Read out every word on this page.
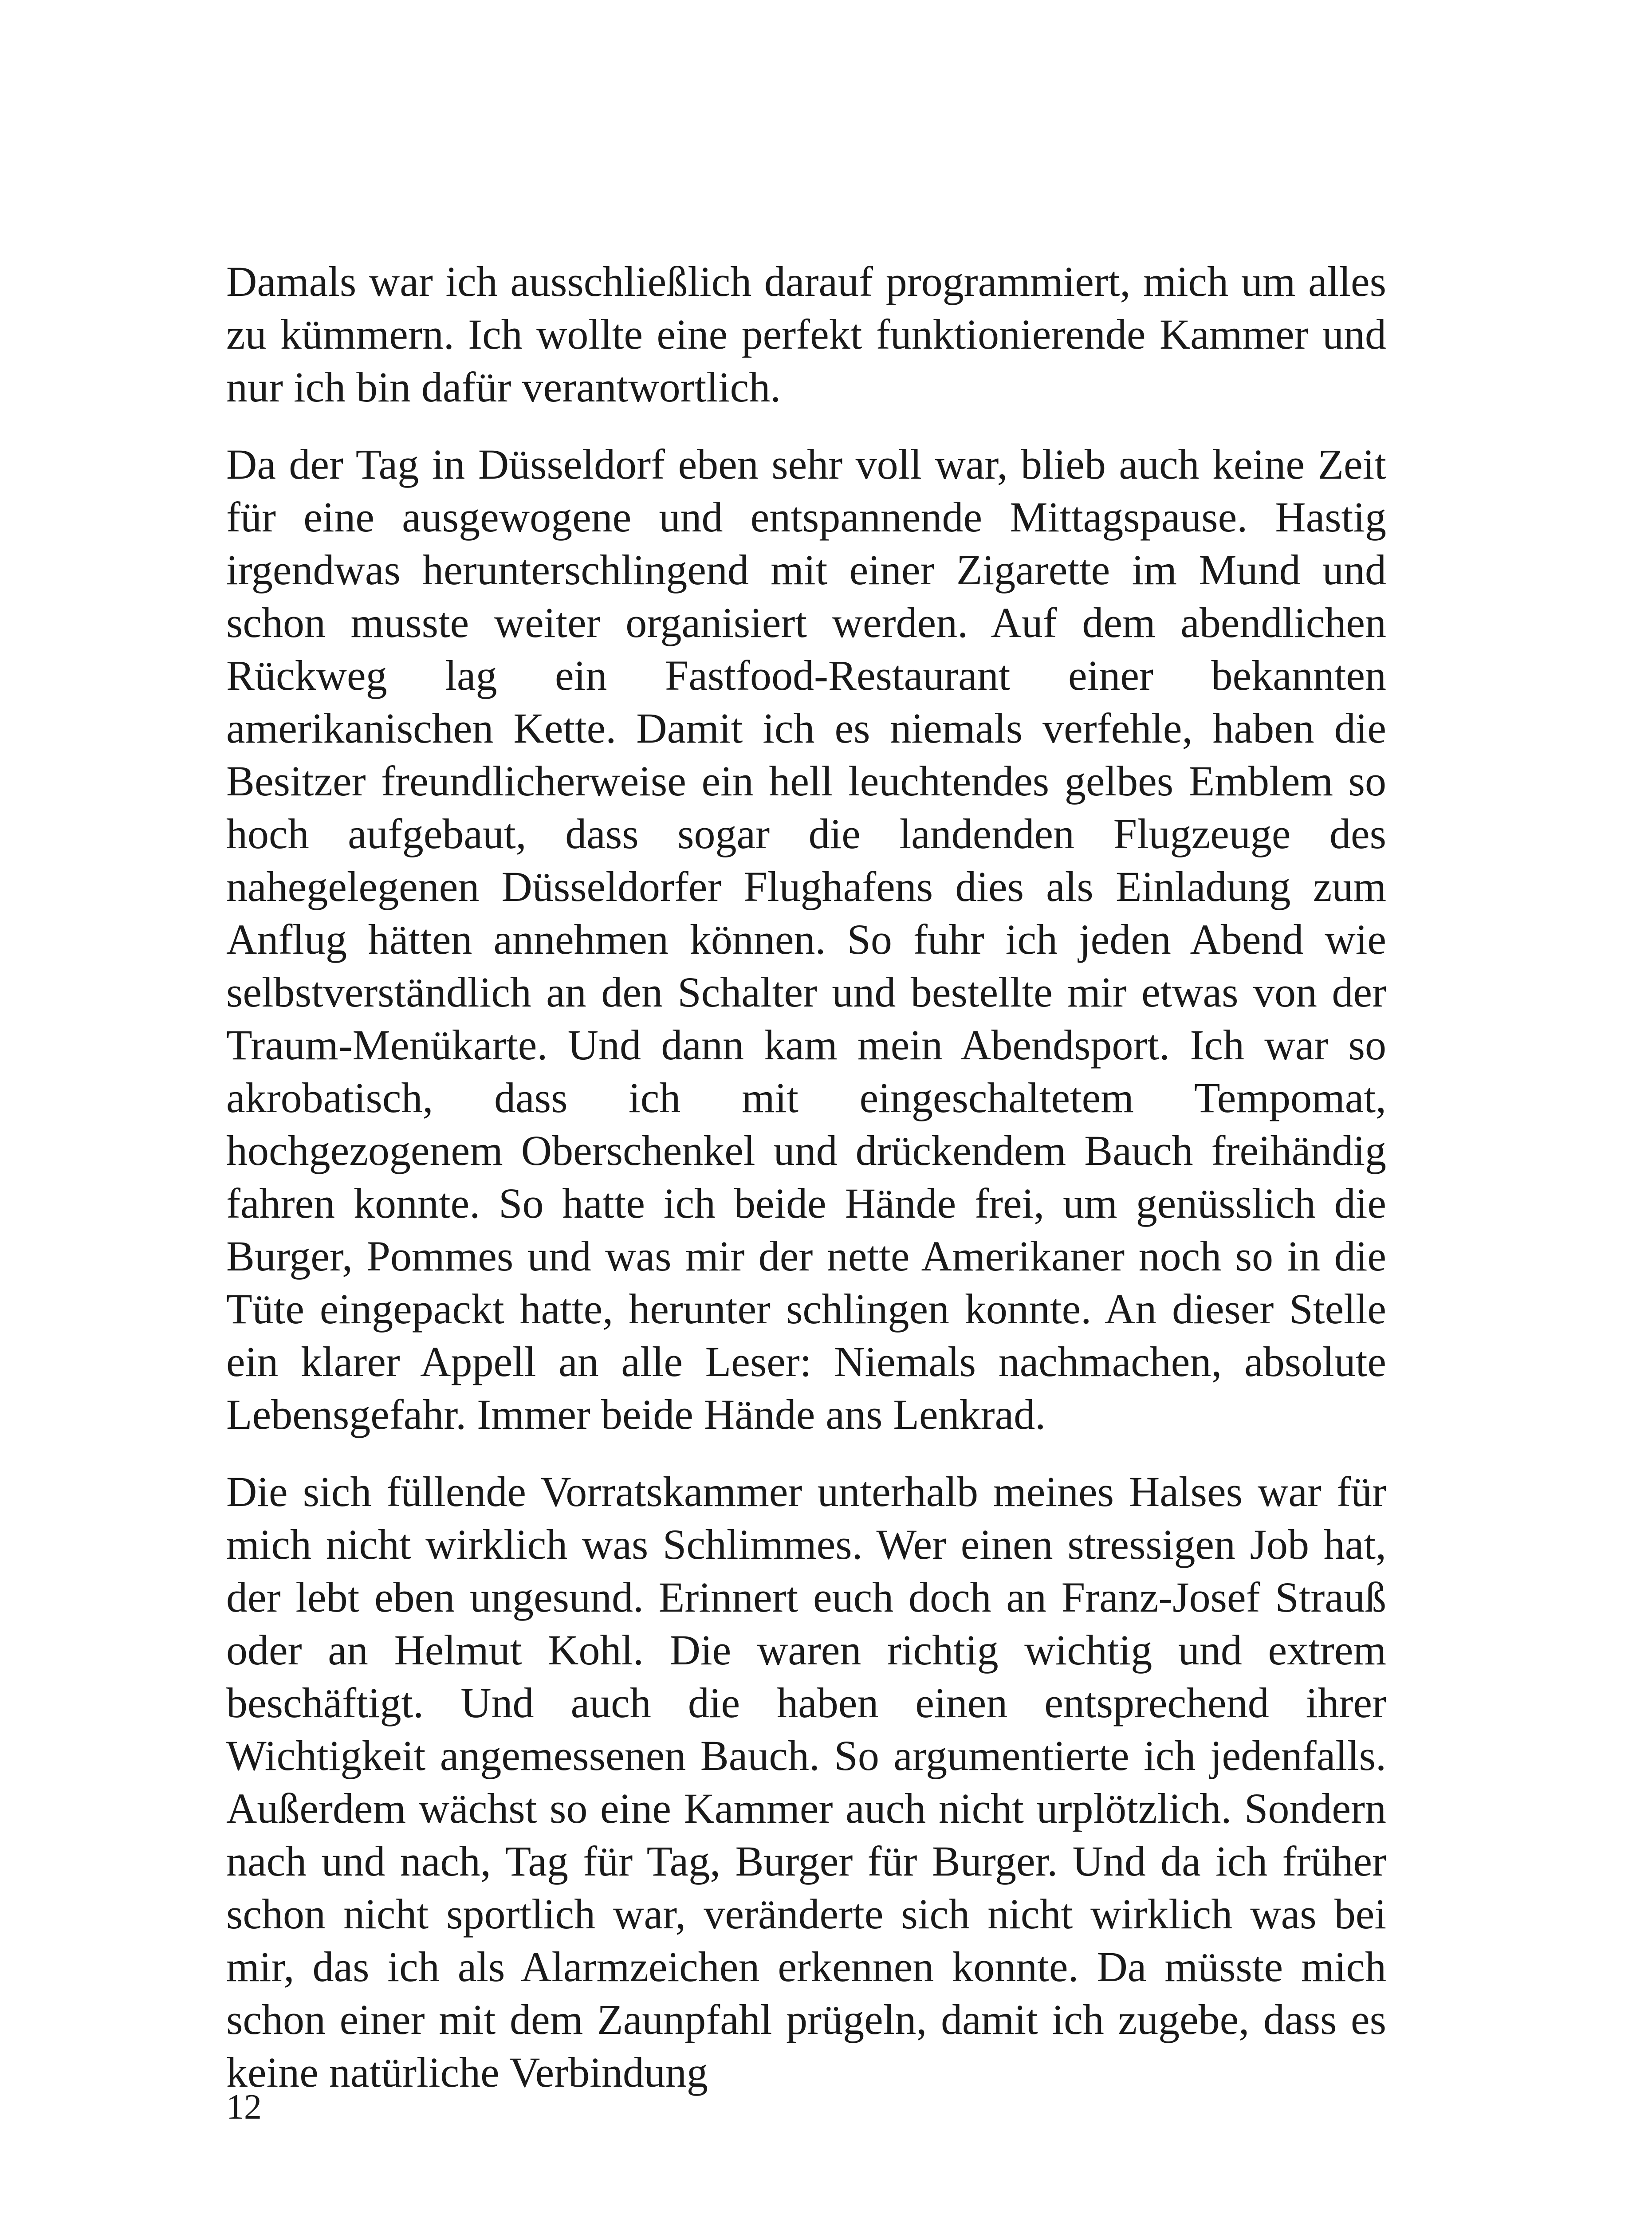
Damals war ich ausschließlich darauf programmiert, mich um alles zu kümmern. Ich wollte eine perfekt funktionierende Kammer und nur ich bin dafür verantwortlich.

Da der Tag in Düsseldorf eben sehr voll war, blieb auch keine Zeit für eine ausgewogene und entspannende Mittagspause. Hastig irgendwas herunterschlingend mit einer Zigarette im Mund und schon musste weiter organisiert werden. Auf dem abendlichen Rückweg lag ein Fastfood-Restaurant einer bekannten amerikanischen Kette. Damit ich es niemals verfehle, haben die Besitzer freundlicherweise ein hell leuchtendes gelbes Emblem so hoch aufgebaut, dass sogar die landenden Flugzeuge des nahegelegenen Düsseldorfer Flughafens dies als Einladung zum Anflug hätten annehmen können. So fuhr ich jeden Abend wie selbstverständlich an den Schalter und bestellte mir etwas von der Traum-Menükarte. Und dann kam mein Abendsport. Ich war so akrobatisch, dass ich mit eingeschaltetem Tempomat, hochgezogenem Oberschenkel und drückendem Bauch freihändig fahren konnte. So hatte ich beide Hände frei, um genüsslich die Burger, Pommes und was mir der nette Amerikaner noch so in die Tüte eingepackt hatte, herunter schlingen konnte. An dieser Stelle ein klarer Appell an alle Leser: Niemals nachmachen, absolute Lebensgefahr. Immer beide Hände ans Lenkrad.

Die sich füllende Vorratskammer unterhalb meines Halses war für mich nicht wirklich was Schlimmes. Wer einen stressigen Job hat, der lebt eben ungesund. Erinnert euch doch an Franz-Josef Strauß oder an Helmut Kohl. Die waren richtig wichtig und extrem beschäftigt. Und auch die haben einen entsprechend ihrer Wichtigkeit angemessenen Bauch. So argumentierte ich jedenfalls. Außerdem wächst so eine Kammer auch nicht urplötzlich. Sondern nach und nach, Tag für Tag, Burger für Burger. Und da ich früher schon nicht sportlich war, veränderte sich nicht wirklich was bei mir, das ich als Alarmzeichen erkennen konnte. Da müsste mich schon einer mit dem Zaunpfahl prügeln, damit ich zugebe, dass es keine natürliche Verbindung

12
